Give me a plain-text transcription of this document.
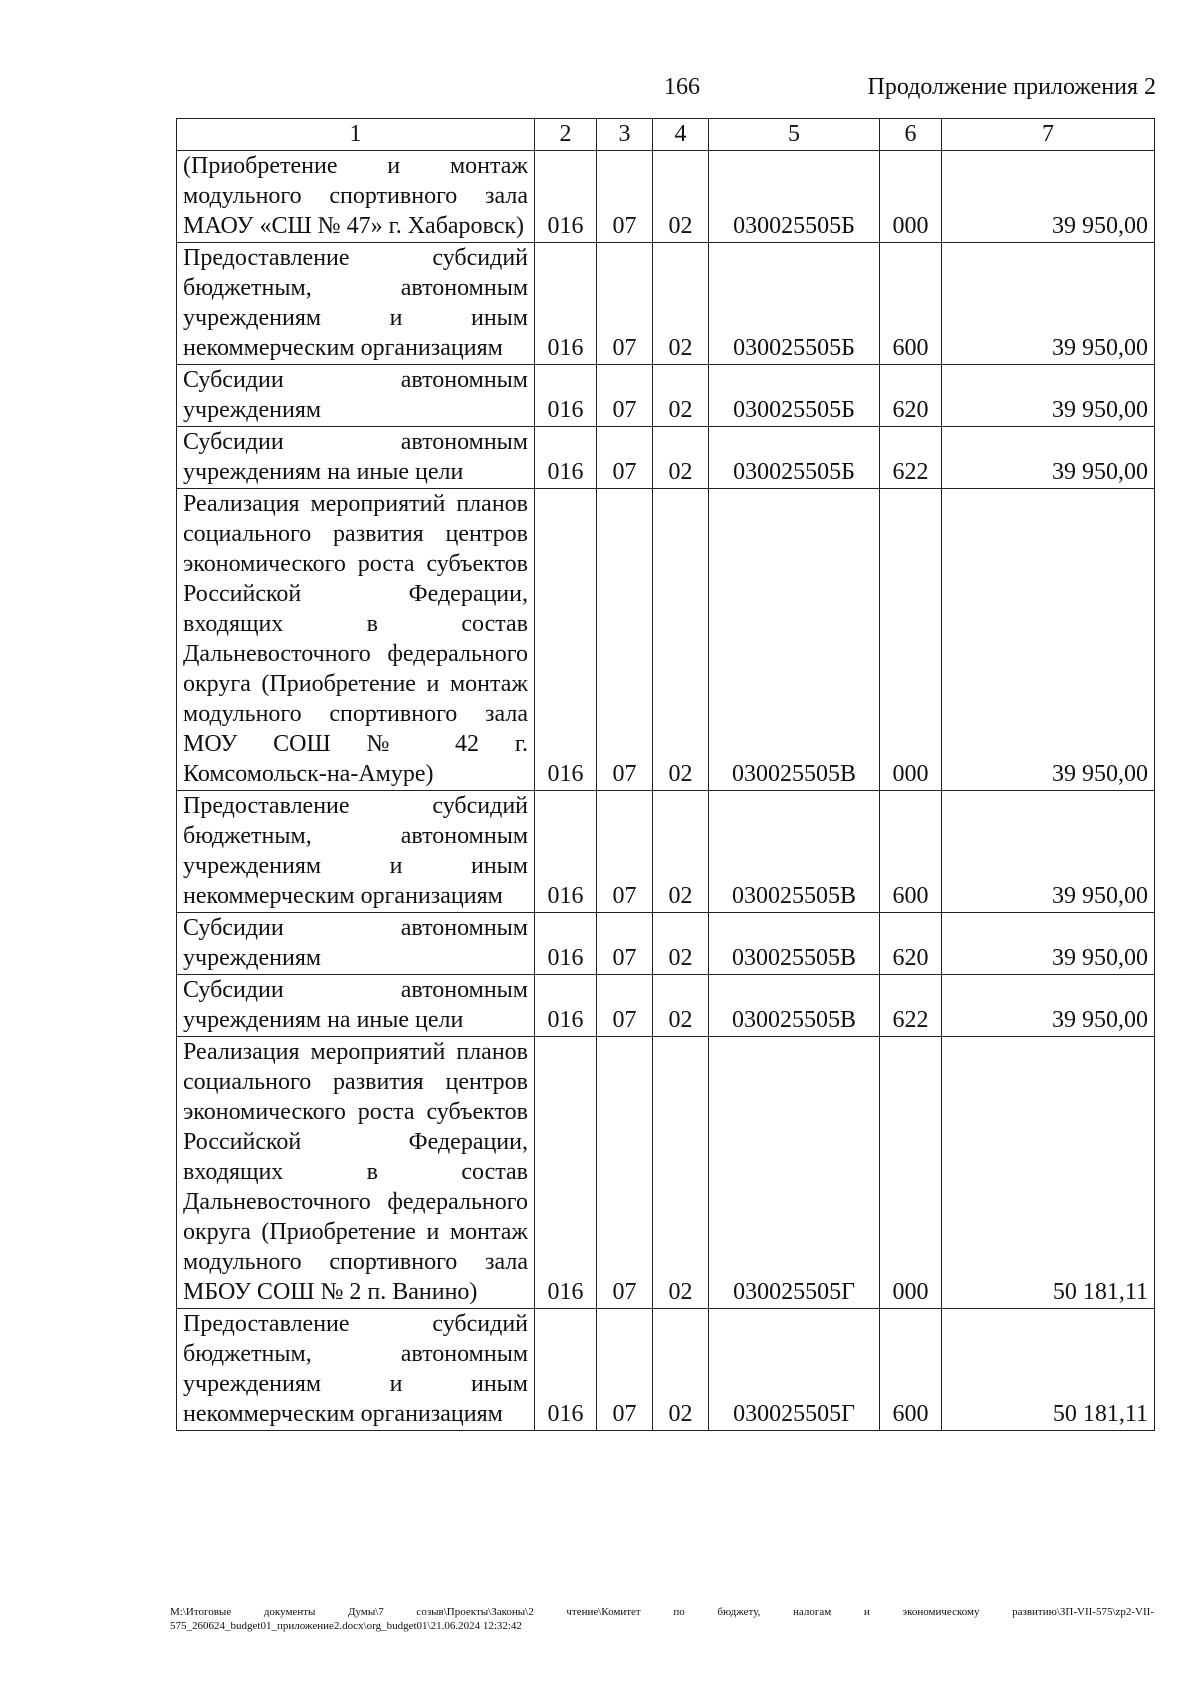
166	Продолжение приложения 2
1	2	3	4	5	6	7
(Приобретение и монтаж модульного спортивного зала МАОУ «СШ № 47» г. Хабаровск)	016	07	02	030025505Б	000	39 950,00
Предоставление субсидий бюджетным, автономным учреждениям и иным некоммерческим организациям	016	07	02	030025505Б	600	39 950,00
Субсидии автономным учреждениям	016	07	02	030025505Б	620	39 950,00
Субсидии автономным учреждениям на иные цели	016	07	02	030025505Б	622	39 950,00
Реализация мероприятий планов социального развития центров экономического роста субъектов Российской Федерации, входящих в состав Дальневосточного федерального округа (Приобретение и монтаж модульного спортивного зала МОУ СОШ № 42 г. Комсомольск-на-Амуре)	016	07	02	030025505В	000	39 950,00
Предоставление субсидий бюджетным, автономным учреждениям и иным некоммерческим организациям	016	07	02	030025505В	600	39 950,00
Субсидии автономным учреждениям	016	07	02	030025505В	620	39 950,00
Субсидии автономным учреждениям на иные цели	016	07	02	030025505В	622	39 950,00
Реализация мероприятий планов социального развития центров экономического роста субъектов Российской Федерации, входящих в состав Дальневосточного федерального округа (Приобретение и монтаж модульного спортивного зала МБОУ СОШ № 2 п. Ванино)	016	07	02	030025505Г	000	50 181,11
Предоставление субсидий бюджетным, автономным учреждениям и иным некоммерческим организациям	016	07	02	030025505Г	600	50 181,11
M:\Итоговые документы Думы\7 созыв\Проекты\Законы\2 чтение\Комитет по бюджету, налогам и экономическому развитию\ЗП-VII-575\zp2-VII-575_260624_budget01_приложение2.docx\org_budget01\21.06.2024 12:32:42
